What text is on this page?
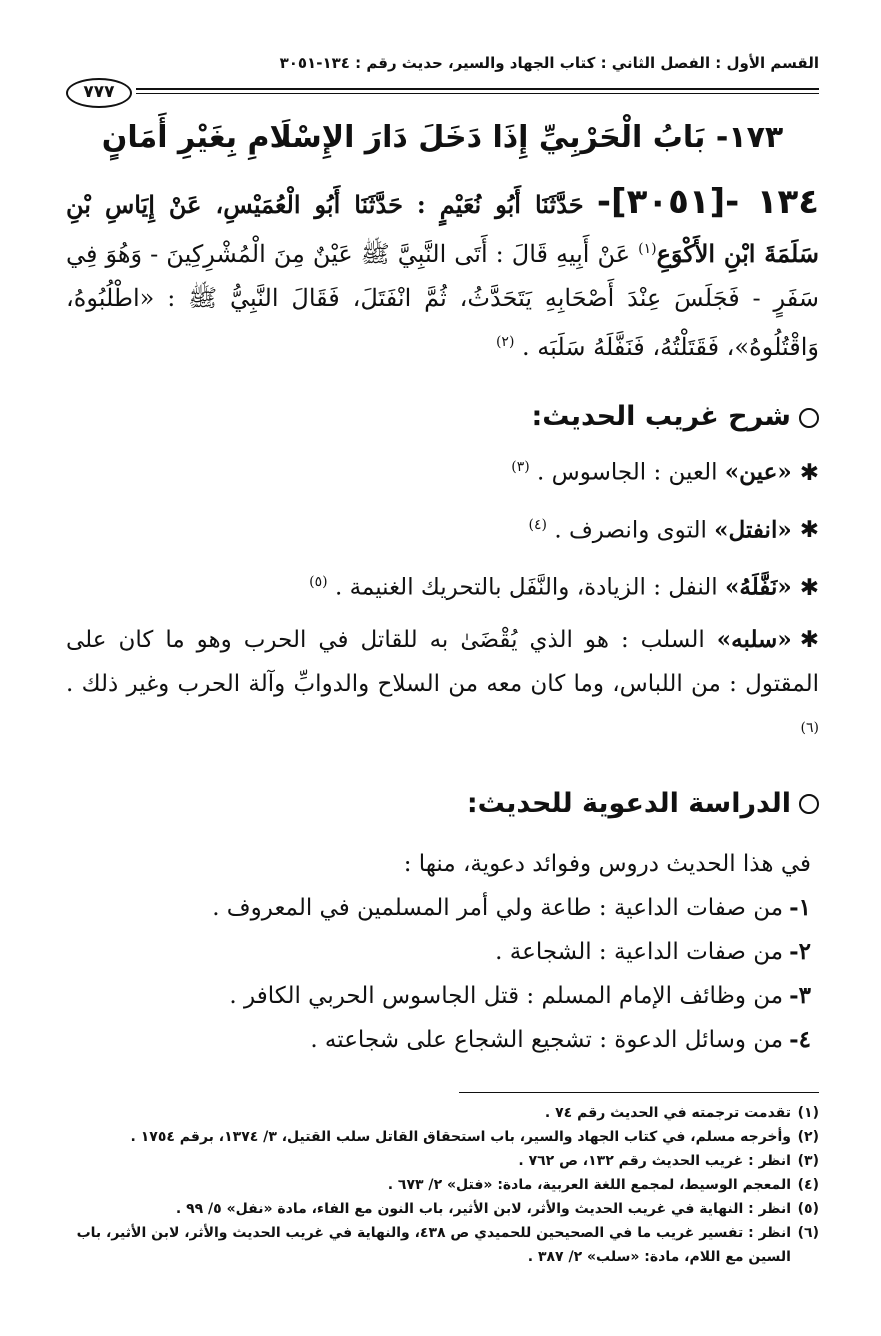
القسم الأول : الفصل الثاني : كتاب الجهاد والسير، حديث رقم : ١٣٤-٣٠٥١
٧٧٧
١٧٣- بَابُ الْحَرْبِيِّ إِذَا دَخَلَ دَارَ الإِسْلَامِ بِغَيْرِ أَمَانٍ
١٣٤ -[٣٠٥١]- حَدَّثَنَا أَبُو نُعَيْمٍ : حَدَّثَنَا أَبُو الْعُمَيْسِ، عَنْ إِيَاسِ بْنِ سَلَمَةَ ابْنِ الأَكْوَعِ$^{(١)}$ عَنْ أَبِيهِ قَالَ : أَتَى النَّبِيَّ ﷺ عَيْنٌ مِنَ الْمُشْرِكِينَ - وَهُوَ فِي سَفَرٍ - فَجَلَسَ عِنْدَ أَصْحَابِهِ يَتَحَدَّثُ، ثُمَّ انْفَتَلَ، فَقَالَ النَّبِيُّ ﷺ : «اطْلُبُوهُ، وَاقْتُلُوهُ»، فَقَتَلْتُهُ، فَنَفَّلَهُ سَلَبَه . $^{(٢)}$
شرح غريب الحديث:
✱«عين» العين : الجاسوس . $^{(٣)}$
✱«انفتل» التوى وانصرف . $^{(٤)}$
✱«نَفَّلَهُ» النفل : الزيادة، والنَّفَل بالتحريك الغنيمة . $^{(٥)}$
✱«سلبه» السلب : هو الذي يُقْضَىٰ به للقاتل في الحرب وهو ما كان على المقتول : من اللباس، وما كان معه من السلاح والدوابِّ وآلة الحرب وغير ذلك . $^{(٦)}$
الدراسة الدعوية للحديث:
في هذا الحديث دروس وفوائد دعوية، منها :
١-من صفات الداعية : طاعة ولي أمر المسلمين في المعروف .
٢-من صفات الداعية : الشجاعة .
٣-من وظائف الإمام المسلم : قتل الجاسوس الحربي الكافر .
٤-من وسائل الدعوة : تشجيع الشجاع على شجاعته .
(١)
تقدمت ترجمته في الحديث رقم ٧٤ .
(٢)
وأخرجه مسلم، في كتاب الجهاد والسير، باب استحقاق القاتل سلب القتيل، ٣/ ١٣٧٤، برقم ١٧٥٤ .
(٣)
انظر : غريب الحديث رقم ١٣٢، ص ٧٦٢ .
(٤)
المعجم الوسيط، لمجمع اللغة العربية، مادة: «فتل» ٢/ ٦٧٣ .
(٥)
انظر : النهاية في غريب الحديث والأثر، لابن الأثير، باب النون مع الفاء، مادة «نفل» ٥/ ٩٩ .
(٦)
انظر : تفسير غريب ما في الصحيحين للحميدي ص ٤٣٨، والنهاية في غريب الحديث والأثر، لابن الأثير، باب السين مع اللام، مادة: «سلب» ٢/ ٣٨٧ .
